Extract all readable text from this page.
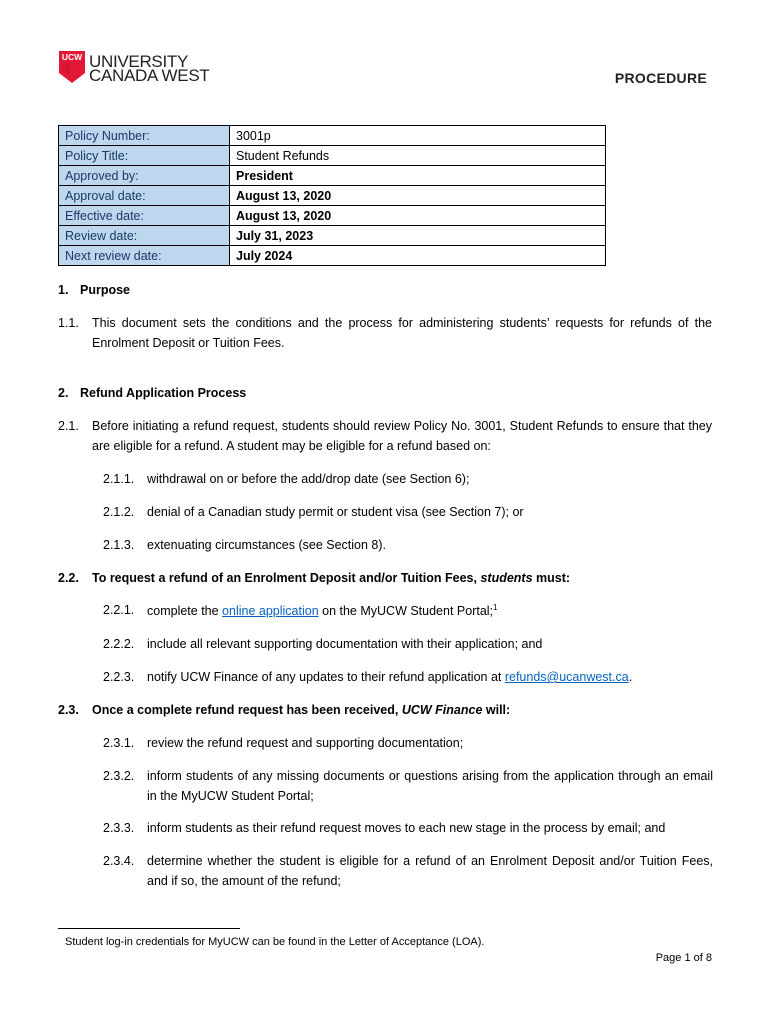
UCW UNIVERSITY
CANADA WEST	PROCEDURE
Policy Number:	3001p
Policy Title:	Student Refunds
Approved by:	President
Approval date:	August 13, 2020
Effective date:	August 13, 2020
Review date:	July 31, 2023
Next review date:	July 2024
1. Purpose
1.1. This document sets the conditions and the process for administering students’ requests for refunds of the
Enrolment Deposit or Tuition Fees.
2. Refund Application Process
2.1. Before initiating a refund request, students should review Policy No. 3001, Student Refunds to ensure that they
are eligible for a refund. A student may be eligible for a refund based on:
2.1.1. withdrawal on or before the add/drop date (see Section 6);
2.1.2. denial of a Canadian study permit or student visa (see Section 7); or
2.1.3. extenuating circumstances (see Section 8).
2.2. To request a refund of an Enrolment Deposit and/or Tuition Fees, students must:
2.2.1. complete the online application on the MyUCW Student Portal;$^1$
2.2.2. include all relevant supporting documentation with their application; and
2.2.3. notify UCW Finance of any updates to their refund application at refunds@ucanwest.ca.
2.3. Once a complete refund request has been received, UCW Finance will:
2.3.1. review the refund request and supporting documentation;
2.3.2. inform students of any missing documents or questions arising from the application through an email
in the MyUCW Student Portal;
2.3.3. inform students as their refund request moves to each new stage in the process by email; and
2.3.4. determine whether the student is eligible for a refund of an Enrolment Deposit and/or Tuition Fees,
and if so, the amount of the refund;
Student log-in credentials for MyUCW can be found in the Letter of Acceptance (LOA).
Page 1 of 8
